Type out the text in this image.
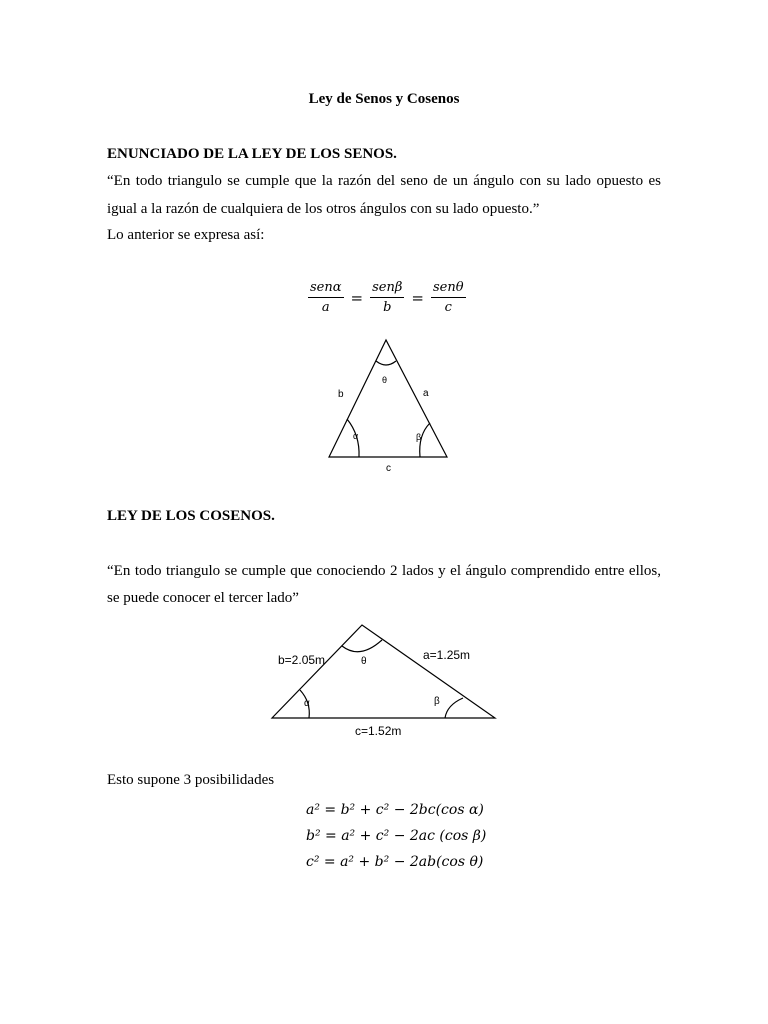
Ley de Senos y Cosenos
ENUNCIADO DE LA LEY DE LOS SENOS.
“En todo triangulo se cumple que la razón del seno de un ángulo con su lado opuesto es
igual a la razón de cualquiera de los otros ángulos con su lado opuesto.”
Lo anterior se expresa así:
$\frac{\text{senα}}{a} = \frac{\text{senβ}}{b} = \frac{\text{senθ}}{c}$
θ
b	a
α	β
c
LEY DE LOS COSENOS.
“En todo triangulo se cumple que conociendo 2 lados y el ángulo comprendido entre ellos,
se puede conocer el tercer lado”
b=2.05m	a=1.25m
θ
α	β
c=1.52m
Esto supone 3 posibilidades
a² = b² + c² − 2bc(cos α)
b² = a² + c² − 2ac (cos β)
c² = a² + b² − 2ab(cos θ)
